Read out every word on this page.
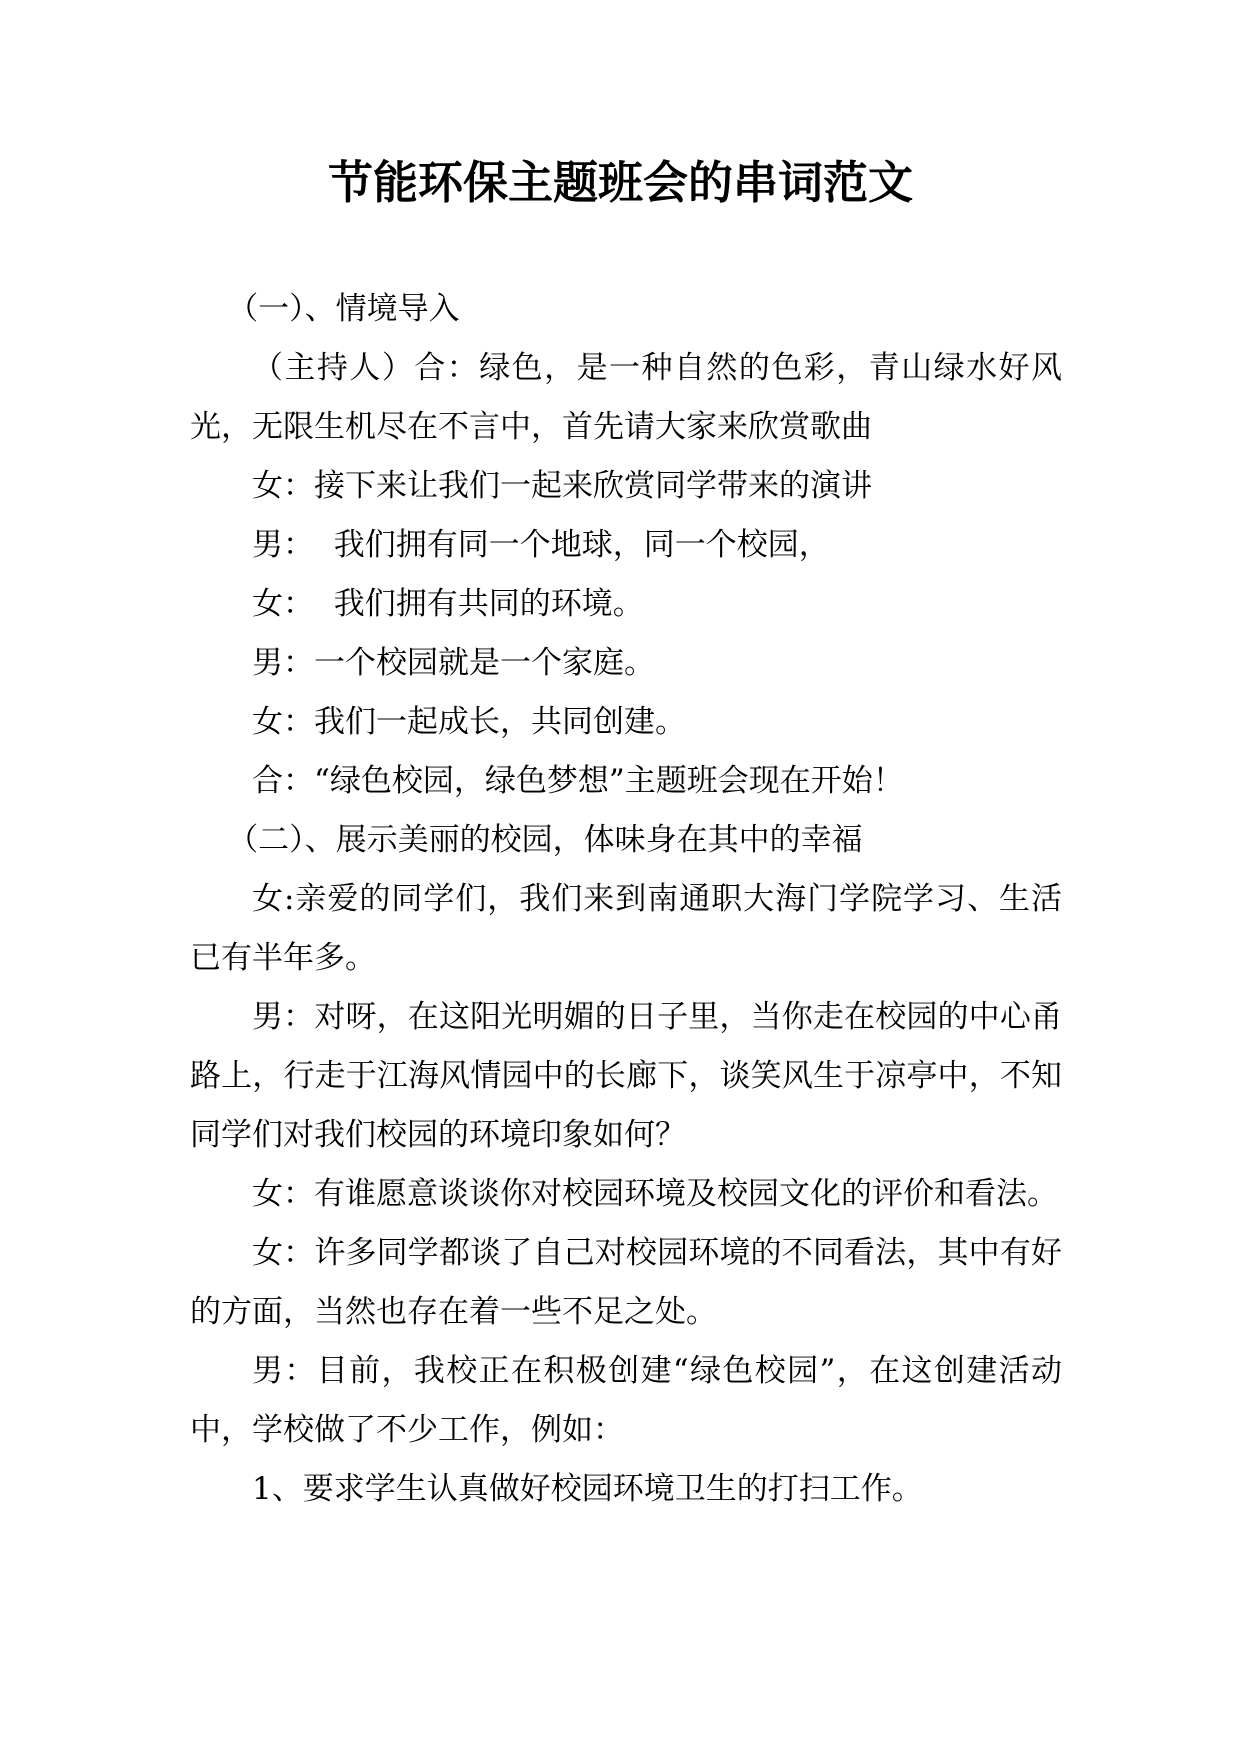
节能环保主题班会的串词范文

（一）、情境导入

（主持人）合：绿色，是一种自然的色彩，青山绿水好风光，无限生机尽在不言中，首先请大家来欣赏歌曲

女：接下来让我们一起来欣赏同学带来的演讲

男：  我们拥有同一个地球，同一个校园，

女：  我们拥有共同的环境。

男：一个校园就是一个家庭。

女：我们一起成长，共同创建。

合：“绿色校园，绿色梦想”主题班会现在开始！

（二）、展示美丽的校园，体味身在其中的幸福

女:亲爱的同学们，我们来到南通职大海门学院学习、生活已有半年多。

男：对呀，在这阳光明媚的日子里，当你走在校园的中心甬路上，行走于江海风情园中的长廊下，谈笑风生于凉亭中，不知同学们对我们校园的环境印象如何？

女：有谁愿意谈谈你对校园环境及校园文化的评价和看法。

女：许多同学都谈了自己对校园环境的不同看法，其中有好的方面，当然也存在着一些不足之处。

男：目前，我校正在积极创建“绿色校园”，在这创建活动中，学校做了不少工作，例如：

1、要求学生认真做好校园环境卫生的打扫工作。
